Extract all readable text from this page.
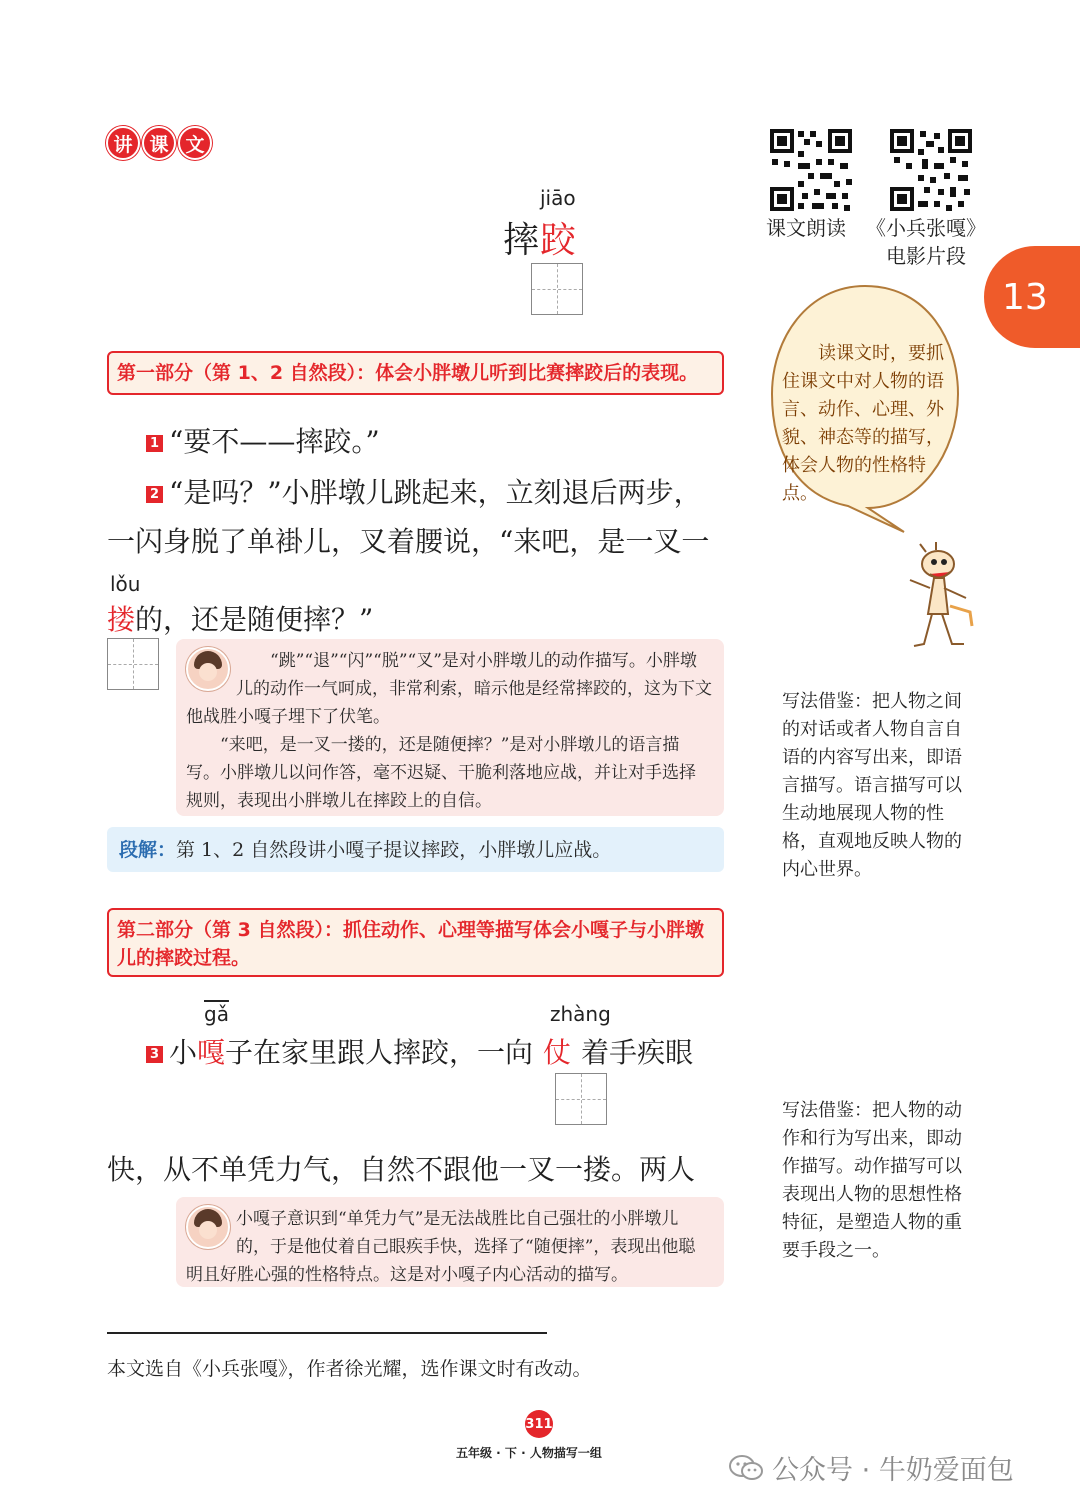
讲 课 文
jiāo
摔跤	课文朗读 《小兵张嘎》
电影片段
13
第一部分（第 1、2 自然段）：体会小胖墩儿听到比赛摔跤后的表现。
1 “要不——摔跤。”
2 “是吗？”小胖墩儿跳起来，立刻退后两步，
一闪身脱了单褂儿，叉着腰说，“来吧，是一叉一
lǒu
搂的，还是随便摔？”
“跳”“退”“闪”“脱”“叉”是对小胖墩儿的动作描写。小胖墩儿的动作一气呵成，非常利索，暗示他是经常摔跤的，这为下文他战胜小嘎子埋下了伏笔。
“来吧，是一叉一搂的，还是随便摔？”是对小胖墩儿的语言描写。小胖墩儿以问作答，毫不迟疑、干脆利落地应战，并让对手选择规则，表现出小胖墩儿在摔跤上的自信。
段解：第 1、2 自然段讲小嘎子提议摔跤，小胖墩儿应战。
第二部分（第 3 自然段）：抓住动作、心理等描写体会小嘎子与小胖墩儿的摔跤过程。
$\overline{gǎ}$	zhàng
3 小嘎子在家里跟人摔跤，一向 仗 着手疾眼
快，从不单凭力气，自然不跟他一叉一搂。两人
小嘎子意识到“单凭力气”是无法战胜比自己强壮的小胖墩儿的，于是他仗着自己眼疾手快，选择了“随便摔”，表现出他聪明且好胜心强的性格特点。这是对小嘎子内心活动的描写。
读课文时，要抓住课文中对人物的语言、动作、心理、外貌、神态等的描写，体会人物的性格特点。
写法借鉴：把人物之间的对话或者人物自言自语的内容写出来，即语言描写。语言描写可以生动地展现人物的性格，直观地反映人物的内心世界。
写法借鉴：把人物的动作和行为写出来，即动作描写。动作描写可以表现出人物的思想性格特征，是塑造人物的重要手段之一。
本文选自《小兵张嘎》，作者徐光耀，选作课文时有改动。
311
五年级 · 下 · 人物描写一组
公众号 · 牛奶爱面包
